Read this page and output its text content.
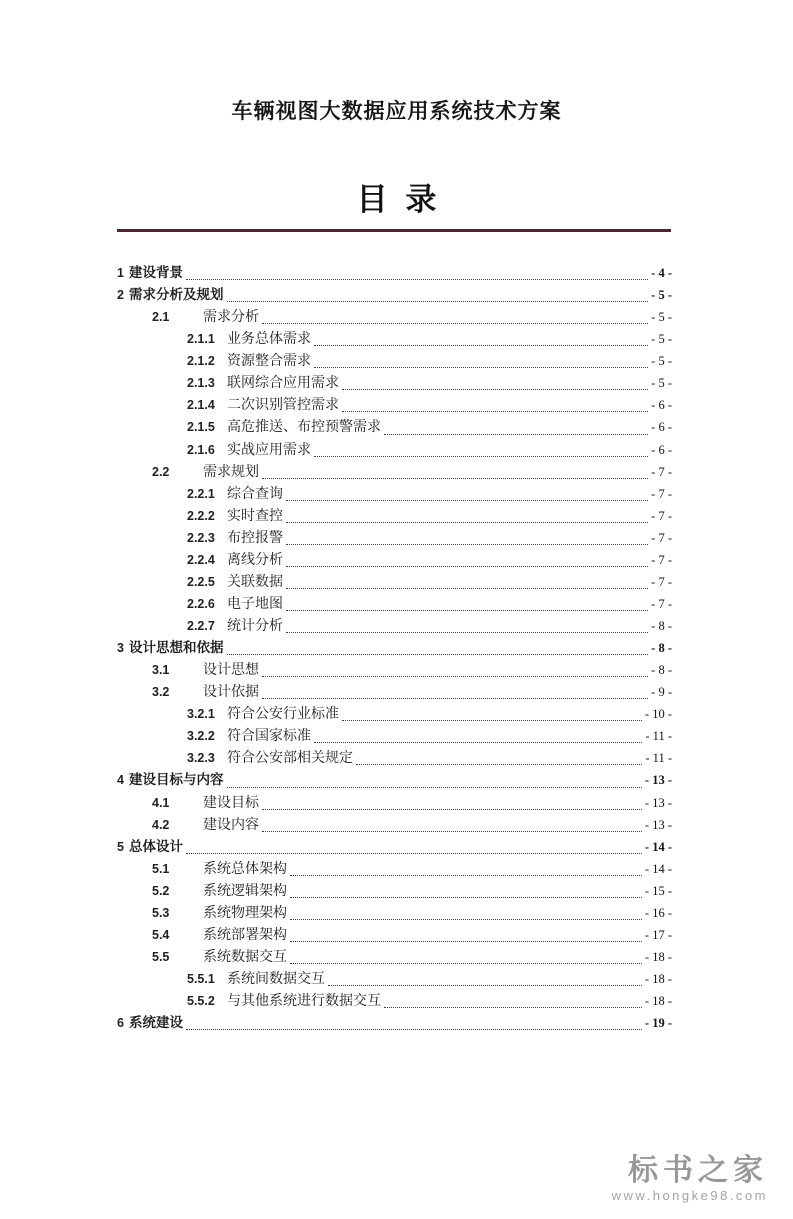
车辆视图大数据应用系统技术方案
目 录
1 建设背景	- 4 -
2 需求分析及规划	- 5 -
2.1	需求分析	- 5 -
2.1.1 业务总体需求	- 5 -
2.1.2 资源整合需求	- 5 -
2.1.3 联网综合应用需求	- 5 -
2.1.4 二次识别管控需求	- 6 -
2.1.5 高危推送、布控预警需求	- 6 -
2.1.6 实战应用需求	- 6 -
2.2	需求规划	- 7 -
2.2.1 综合查询	- 7 -
2.2.2 实时查控	- 7 -
2.2.3 布控报警	- 7 -
2.2.4 离线分析	- 7 -
2.2.5 关联数据	- 7 -
2.2.6 电子地图	- 7 -
2.2.7 统计分析	- 8 -
3 设计思想和依据	- 8 -
3.1	设计思想	- 8 -
3.2	设计依据	- 9 -
3.2.1 符合公安行业标准	- 10 -
3.2.2 符合国家标准	- 11 -
3.2.3 符合公安部相关规定	- 11 -
4 建设目标与内容	- 13 -
4.1	建设目标	- 13 -
4.2	建设内容	- 13 -
5 总体设计	- 14 -
5.1	系统总体架构	- 14 -
5.2	系统逻辑架构	- 15 -
5.3	系统物理架构	- 16 -
5.4	系统部署架构	- 17 -
5.5	系统数据交互	- 18 -
5.5.1 系统间数据交互	- 18 -
5.5.2 与其他系统进行数据交互	- 18 -
6 系统建设	- 19 -
标书之家
www.hongke98.com
